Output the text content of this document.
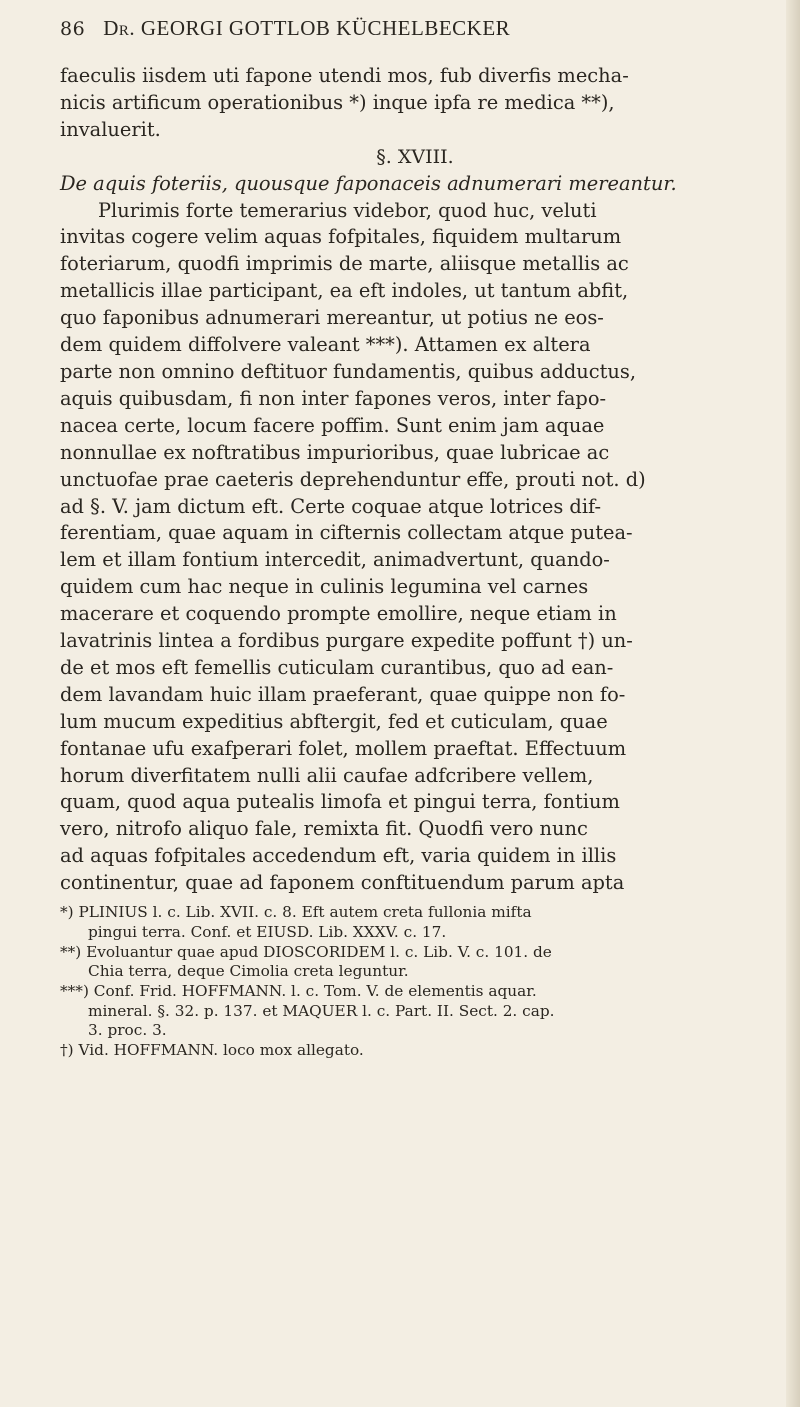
86 Dr. GEORGI GOTTLOB KÜCHELBECKER
faeculis iisdem uti fapone utendi mos, fub diverfis mecha-
nicis artificum operationibus *) inque ipfa re medica **),
invaluerit.
§. XVIII.
De aquis foteriis, quousque faponaceis adnumerari mereantur.
Plurimis forte temerarius videbor, quod huc, veluti
invitas cogere velim aquas fofpitales, fiquidem multarum
foteriarum, quodfi imprimis de marte, aliisque metallis ac
metallicis illae participant, ea eft indoles, ut tantum abfit,
quo faponibus adnumerari mereantur, ut potius ne eos-
dem quidem diffolvere valeant ***). Attamen ex altera
parte non omnino deftituor fundamentis, quibus adductus,
aquis quibusdam, fi non inter fapones veros, inter fapo-
nacea certe, locum facere poffim. Sunt enim jam aquae
nonnullae ex noftratibus impurioribus, quae lubricae ac
unctuofae prae caeteris deprehenduntur effe, prouti not. d)
ad §. V. jam dictum eft. Certe coquae atque lotrices dif-
ferentiam, quae aquam in cifternis collectam atque putea-
lem et illam fontium intercedit, animadvertunt, quando-
quidem cum hac neque in culinis legumina vel carnes
macerare et coquendo prompte emollire, neque etiam in
lavatrinis lintea a fordibus purgare expedite poffunt †) un-
de et mos eft femellis cuticulam curantibus, quo ad ean-
dem lavandam huic illam praeferant, quae quippe non fo-
lum mucum expeditius abftergit, fed et cuticulam, quae
fontanae ufu exafperari folet, mollem praeftat. Effectuum
horum diverfitatem nulli alii caufae adfcribere vellem,
quam, quod aqua putealis limofa et pingui terra, fontium
vero, nitrofo aliquo fale, remixta fit. Quodfi vero nunc
ad aquas fofpitales accedendum eft, varia quidem in illis
continentur, quae ad faponem conftituendum parum apta
*) PLINIUS l. c. Lib. XVII. c. 8. Eft autem creta fullonia mifta
pingui terra. Conf. et EIUSD. Lib. XXXV. c. 17.
**) Evoluantur quae apud DIOSCORIDEM l. c. Lib. V. c. 101. de
Chia terra, deque Cimolia creta leguntur.
***) Conf. Frid. HOFFMANN. l. c. Tom. V. de elementis aquar.
mineral. §. 32. p. 137. et MAQUER l. c. Part. II. Sect. 2. cap.
3. proc. 3.
†) Vid. HOFFMANN. loco mox allegato.
